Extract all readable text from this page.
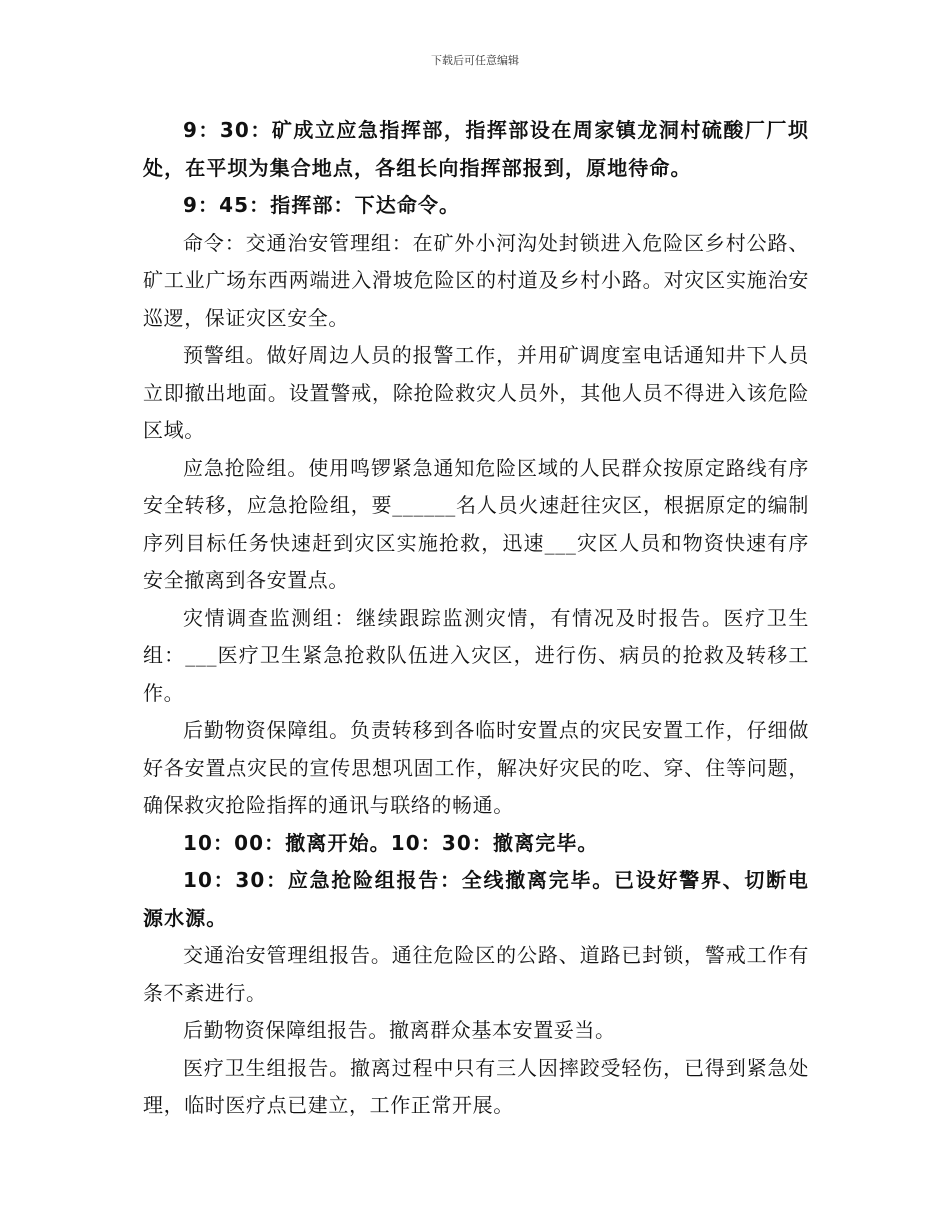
下载后可任意编辑

9：30：矿成立应急指挥部，指挥部设在周家镇龙洞村硫酸厂厂坝处，在平坝为集合地点，各组长向指挥部报到，原地待命。

9：45：指挥部：下达命令。

命令：交通治安管理组：在矿外小河沟处封锁进入危险区乡村公路、矿工业广场东西两端进入滑坡危险区的村道及乡村小路。对灾区实施治安巡逻，保证灾区安全。

预警组。做好周边人员的报警工作，并用矿调度室电话通知井下人员立即撤出地面。设置警戒，除抢险救灾人员外，其他人员不得进入该危险区域。

应急抢险组。使用鸣锣紧急通知危险区域的人民群众按原定路线有序安全转移，应急抢险组，要______名人员火速赶往灾区，根据原定的编制序列目标任务快速赶到灾区实施抢救，迅速___灾区人员和物资快速有序安全撤离到各安置点。

灾情调查监测组：继续跟踪监测灾情，有情况及时报告。医疗卫生组：___医疗卫生紧急抢救队伍进入灾区，进行伤、病员的抢救及转移工作。

后勤物资保障组。负责转移到各临时安置点的灾民安置工作，仔细做好各安置点灾民的宣传思想巩固工作，解决好灾民的吃、穿、住等问题，确保救灾抢险指挥的通讯与联络的畅通。

10：00：撤离开始。10：30：撤离完毕。

10：30：应急抢险组报告：全线撤离完毕。已设好警界、切断电源水源。

交通治安管理组报告。通往危险区的公路、道路已封锁，警戒工作有条不紊进行。

后勤物资保障组报告。撤离群众基本安置妥当。

医疗卫生组报告。撤离过程中只有三人因摔跤受轻伤，已得到紧急处理，临时医疗点已建立，工作正常开展。
